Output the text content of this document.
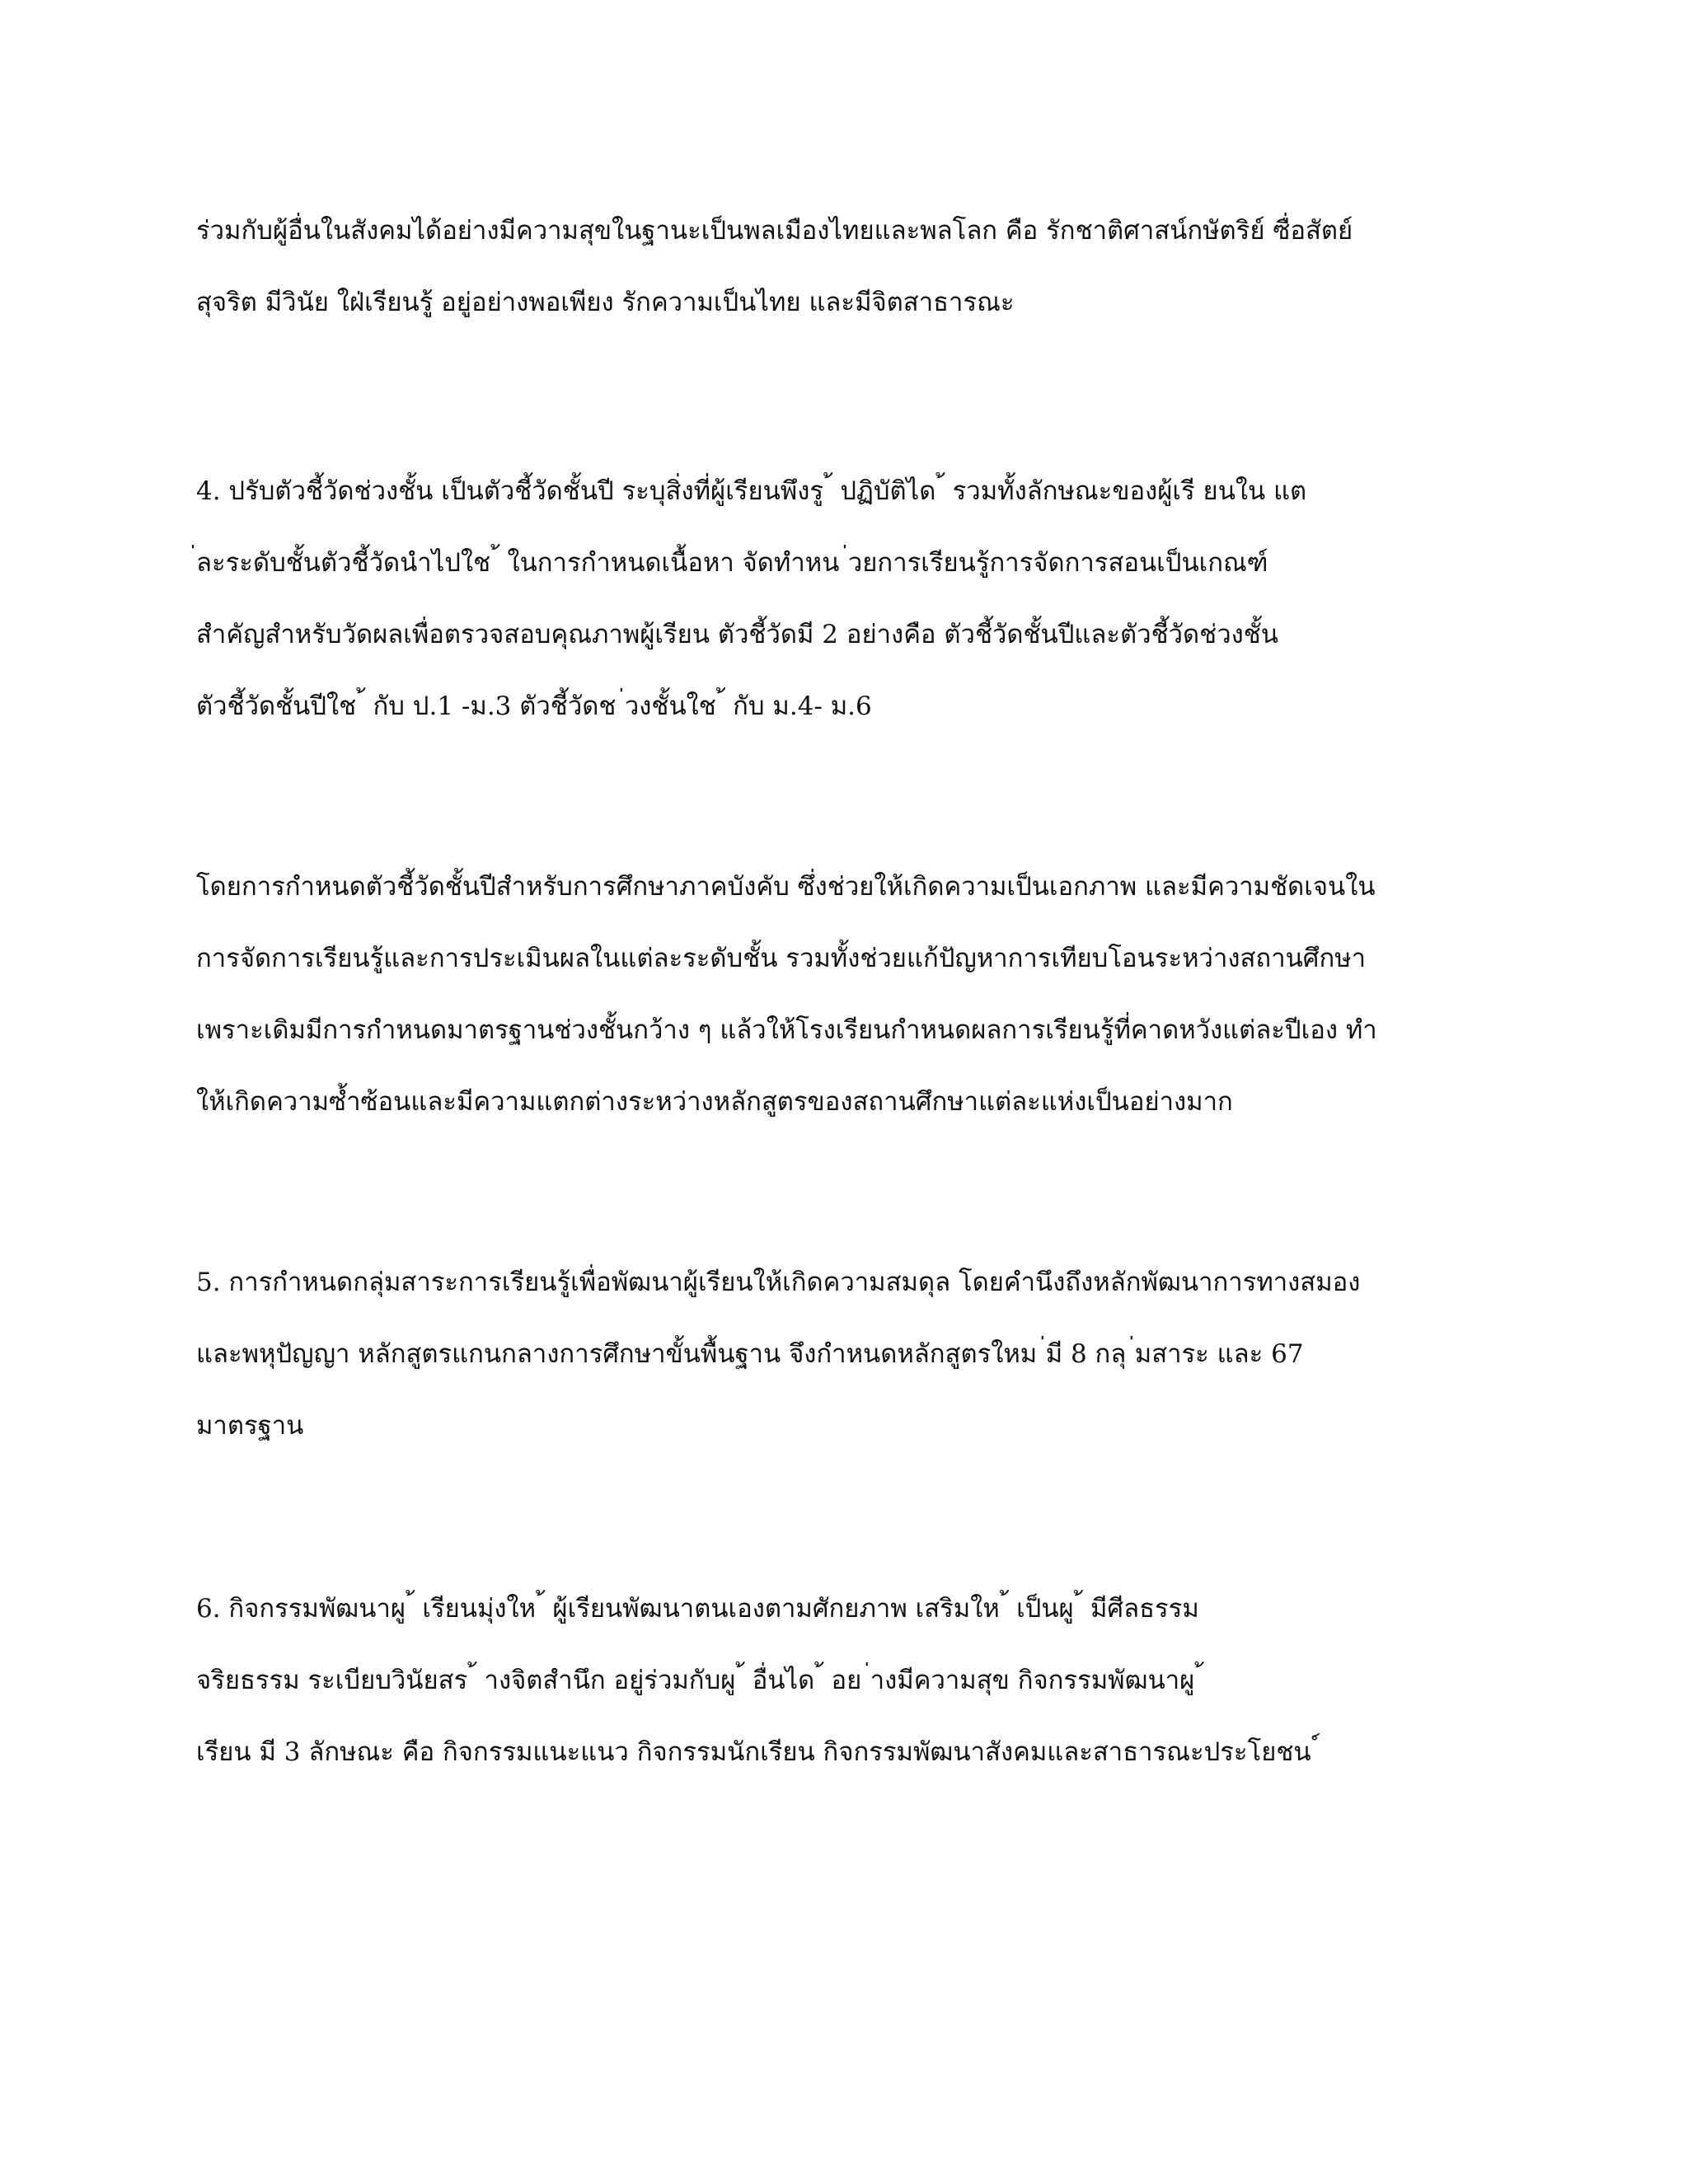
ร่วมกับผู้อื่นในสังคมได้อย่างมีความสุขในฐานะเป็นพลเมืองไทยและพลโลก คือ รักชาติศาสน์กษัตริย์ ซื่อสัตย์
สุจริต มีวินัย ใฝ่เรียนรู้ อยู่อย่างพอเพียง รักความเป็นไทย และมีจิตสาธารณะ
4. ปรับตัวชี้วัดช่วงชั้น เป็นตัวชี้วัดชั้นปี ระบุสิ่งที่ผู้เรียนพึงรู ้ ปฏิบัติได ้ รวมทั้งลักษณะของผู้เรี ยนใน แต
่ละระดับชั้นตัวชี้วัดนำไปใช ้ ในการกำหนดเนื้อหา จัดทำหน ่วยการเรียนรู้การจัดการสอนเป็นเกณฑ์
สำคัญสำหรับวัดผลเพื่อตรวจสอบคุณภาพผู้เรียน ตัวชี้วัดมี 2 อย่างคือ ตัวชี้วัดชั้นปีและตัวชี้วัดช่วงชั้น
ตัวชี้วัดชั้นปีใช ้ กับ ป.1 -ม.3 ตัวชี้วัดช ่วงชั้นใช ้ กับ ม.4- ม.6
โดยการกำหนดตัวชี้วัดชั้นปีสำหรับการศึกษาภาคบังคับ ซึ่งช่วยให้เกิดความเป็นเอกภาพ และมีความชัดเจนใน
การจัดการเรียนรู้และการประเมินผลในแต่ละระดับชั้น รวมทั้งช่วยแก้ปัญหาการเทียบโอนระหว่างสถานศึกษา
เพราะเดิมมีการกำหนดมาตรฐานช่วงชั้นกว้าง ๆ แล้วให้โรงเรียนกำหนดผลการเรียนรู้ที่คาดหวังแต่ละปีเอง ทำ
ให้เกิดความซ้ำซ้อนและมีความแตกต่างระหว่างหลักสูตรของสถานศึกษาแต่ละแห่งเป็นอย่างมาก
5. การกำหนดกลุ่มสาระการเรียนรู้เพื่อพัฒนาผู้เรียนให้เกิดความสมดุล โดยคำนึงถึงหลักพัฒนาการทางสมอง
และพหุปัญญา หลักสูตรแกนกลางการศึกษาขั้นพื้นฐาน จึงกำหนดหลักสูตรใหม ่มี 8 กลุ ่มสาระ และ 67
มาตรฐาน
6. กิจกรรมพัฒนาผู ้ เรียนมุ่งให ้ ผู้เรียนพัฒนาตนเองตามศักยภาพ เสริมให ้ เป็นผู ้ มีศีลธรรม
จริยธรรม ระเบียบวินัยสร ้ างจิตสำนึก อยู่ร่วมกับผู ้ อื่นได ้ อย ่างมีความสุข กิจกรรมพัฒนาผู ้
เรียน มี 3 ลักษณะ คือ กิจกรรมแนะแนว กิจกรรมนักเรียน กิจกรรมพัฒนาสังคมและสาธารณะประโยชน ์
